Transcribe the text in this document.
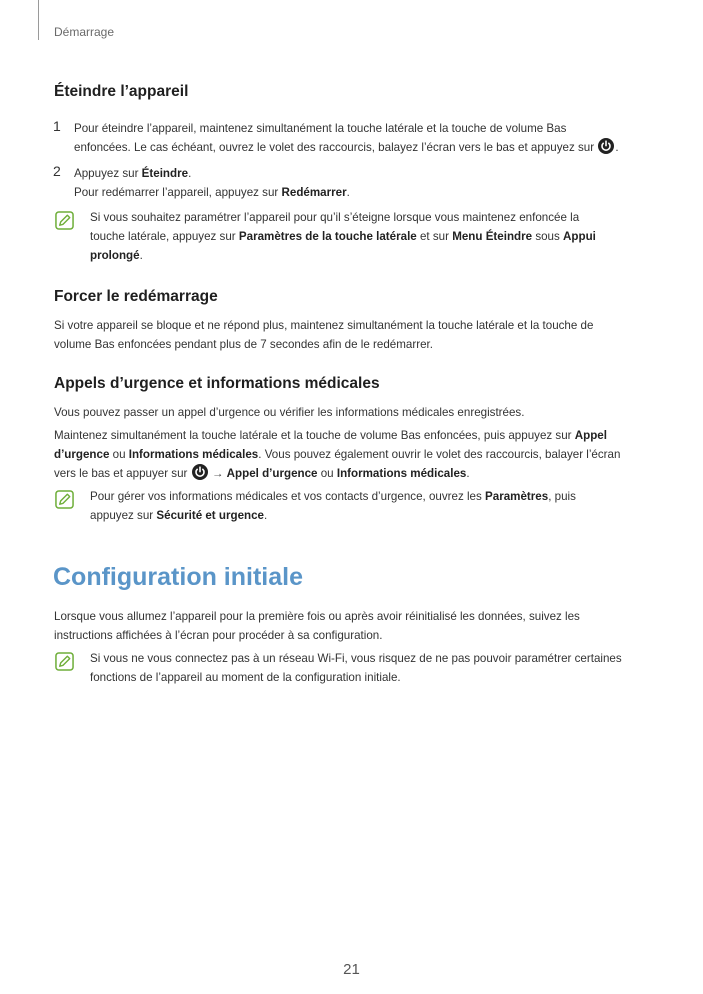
Démarrage
Éteindre l’appareil
1 Pour éteindre l’appareil, maintenez simultanément la touche latérale et la touche de volume Bas
enfoncées. Le cas échéant, ouvrez le volet des raccourcis, balayez l’écran vers le bas et appuyez sur .

2 Appuyez sur Éteindre.
Pour redémarrer l’appareil, appuyez sur Redémarrer.

Si vous souhaitez paramétrer l’appareil pour qu’il s’éteigne lorsque vous maintenez enfoncée la
touche latérale, appuyez sur Paramètres de la touche latérale et sur Menu Éteindre sous Appui
prolongé.

Forcer le redémarrage

Si votre appareil se bloque et ne répond plus, maintenez simultanément la touche latérale et la touche de
volume Bas enfoncées pendant plus de 7 secondes afin de le redémarrer.

Appels d’urgence et informations médicales

Vous pouvez passer un appel d’urgence ou vérifier les informations médicales enregistrées.

Maintenez simultanément la touche latérale et la touche de volume Bas enfoncées, puis appuyez sur Appel
d’urgence ou Informations médicales. Vous pouvez également ouvrir le volet des raccourcis, balayer l’écran
vers le bas et appuyer sur  → Appel d’urgence ou Informations médicales.

Pour gérer vos informations médicales et vos contacts d’urgence, ouvrez les Paramètres, puis
appuyez sur Sécurité et urgence.

Configuration initiale

Lorsque vous allumez l’appareil pour la première fois ou après avoir réinitialisé les données, suivez les
instructions affichées à l’écran pour procéder à sa configuration.

Si vous ne vous connectez pas à un réseau Wi-Fi, vous risquez de ne pas pouvoir paramétrer certaines
fonctions de l’appareil au moment de la configuration initiale.

21
